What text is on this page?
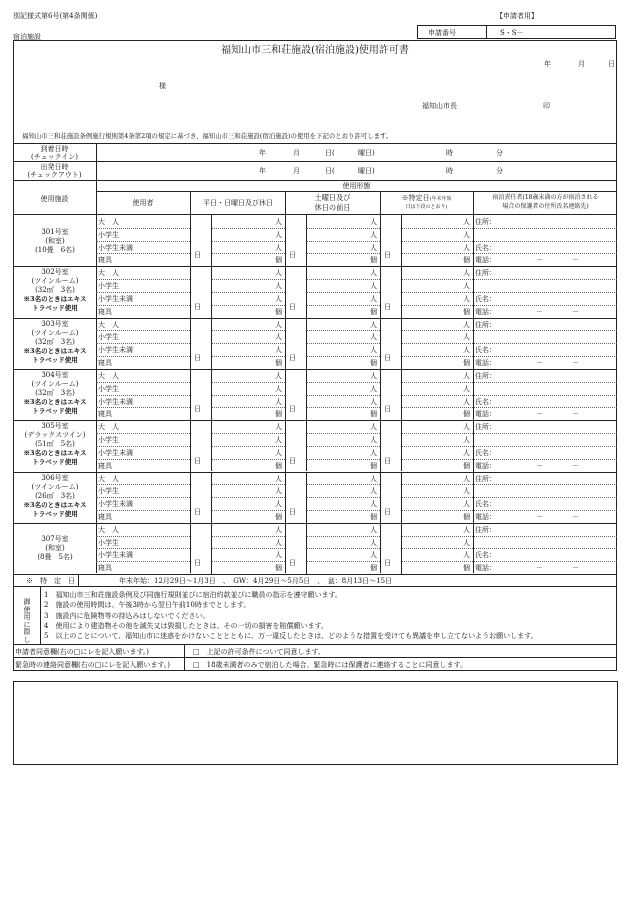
別記様式第6号(第4条関係)
宿泊施設
【申請者用】
申請番号	S・S－
福知山市三和荘施設(宿泊施設)使用許可書
年	月	日
様
福知山市長	印
福知山市三和荘施設条例施行規則第4条第2項の規定に基づき、福知山市三和荘施設(宿泊施設)の使用を下記のとおり許可します。
到着日時
(チェックイン)	年	月	日(	曜日)	時	分
出発日時
(チェックアウト)	年	月	日(	曜日)	時	分
使用形態
使用施設	使用者	平日・日曜日及び休日
土曜日及び
休日の前日
※特定日(年末年始
日は下段のとおり)
宿泊責任者(18歳未満の方が宿泊される
場合の保護者の住所氏名連絡先)
301号室
(和室)
(10畳　6名)
大　人	人	人	人
小学生	人	人	人
小学生未満	人	人	人
寝具	個	個	個
日	日	日
住所：
氏名：
電話：	－	－
302号室
(ツインルーム)
(32㎡　3名)
※3名のときはエキス
トラベッド使用
大　人	人	人	人
小学生	人	人	人
小学生未満	人	人	人
寝具	個	個	個
日	日	日
住所：
氏名：
電話：	－	－
303号室
(ツインルーム)
(32㎡　3名)
※3名のときはエキス
トラベッド使用
大　人	人	人	人
小学生	人	人	人
小学生未満	人	人	人
寝具	個	個	個
日	日	日
住所：
氏名：
電話：	－	－
304号室
(ツインルーム)
(32㎡　3名)
※3名のときはエキス
トラベッド使用
大　人	人	人	人
小学生	人	人	人
小学生未満	人	人	人
寝具	個	個	個
日	日	日
住所：
氏名：
電話：	－	－
305号室
(デラックスツイン)
(51㎡　5名)
※3名のときはエキス
トラベッド使用
大　人	人	人	人
小学生	人	人	人
小学生未満	人	人	人
寝具	個	個	個
日	日	日
住所：
氏名：
電話：	－	－
306号室
(ツインルーム)
(26㎡　3名)
※3名のときはエキス
トラベッド使用
大　人	人	人	人
小学生	人	人	人
小学生未満	人	人	人
寝具	個	個	個
日	日	日
住所：
氏名：
電話：	－	－
307号室
(和室)
(8畳　5名)
大　人	人	人	人
小学生	人	人	人
小学生未満	人	人	人
寝具	個	個	個
日	日	日
住所：
氏名：
電話：	－	－
※　特　定　日	年末年始：12月29日～1月3日　、　GW：4月29日～5月5日　、　盆：8月13日～15日
御
使
用
に
際
し
1　福知山市三和荘施設条例及び同施行規則並びに宿泊約款並びに職員の指示を遵守願います。
2　施設の使用時間は、午後3時から翌日午前10時までとします。
3　施設内に危険物等の持込みはしないでください。
4　使用により建造物その他を滅失又は毀損したときは、その一切の損害を賠償願います。
5　以上のことについて、福知山市に迷惑をかけないこととともに、万一違反したときは、どのような措置を受けても異議を申し立てないようお願いします。
申請者同意欄(右の□にレを記入願います。)	□　上記の許可条件について同意します。
緊急時の連絡同意欄(右の□にレを記入願います。)	□　18歳未満者のみで宿泊した場合、緊急時には保護者に連絡することに同意します。
